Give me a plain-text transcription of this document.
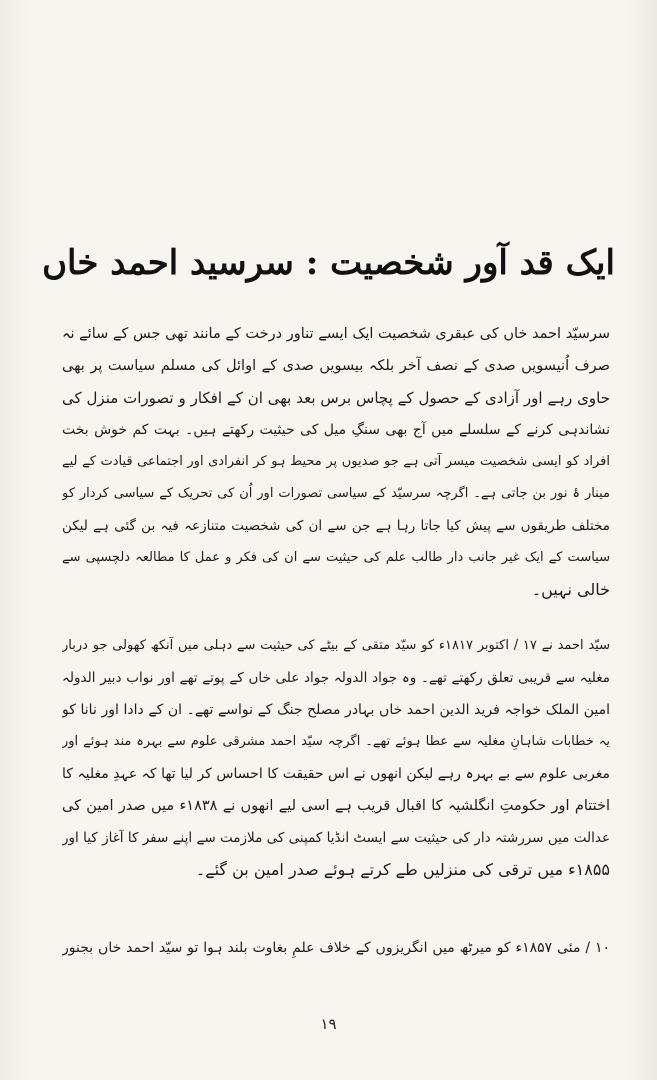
ایک قد آور شخصیت : سرسید احمد خاں

سرسیّد احمد خاں کی عبقری شخصیت ایک ایسے تناور درخت کے مانند تھی جس کے سائے نہ
صرف اُنیسویں صدی کے نصف آخر بلکہ بیسویں صدی کے اوائل کی مسلم سیاست پر بھی
حاوی رہے اور آزادی کے حصول کے پچاس برس بعد بھی ان کے افکار و تصورات منزل کی
نشاندہی کرنے کے سلسلے میں آج بھی سنگِ میل کی حیثیت رکھتے ہیں۔ بہت کم خوش بخت
افراد کو ایسی شخصیت میسر آتی ہے جو صدیوں پر محیط ہو کر انفرادی اور اجتماعی قیادت کے لیے
مینار ۂ نور بن جاتی ہے۔ اگرچہ سرسیّد کے سیاسی تصورات اور اُن کی تحریک کے سیاسی کردار کو
مختلف طریقوں سے پیش کیا جاتا رہا ہے جن سے ان کی شخصیت متنازعہ فیہ بن گئی ہے لیکن
سیاست کے ایک غیر جانب دار طالب علم کی حیثیت سے ان کی فکر و عمل کا مطالعہ دلچسپی سے
خالی نہیں۔

سیّد احمد نے ۱۷ / اکتوبر ۱۸۱۷ء کو سیّد متقی کے بیٹے کی حیثیت سے دہلی میں آنکھ کھولی جو دربار
مغلیہ سے قریبی تعلق رکھتے تھے۔ وہ جواد الدولہ جواد علی خاں کے پوتے تھے اور نواب دبیر الدولہ
امین الملک خواجہ فرید الدین احمد خاں بہادر مصلح جنگ کے نواسے تھے۔ ان کے دادا اور نانا کو
یہ خطابات شاہانِ مغلیہ سے عطا ہوئے تھے۔ اگرچہ سیّد احمد مشرقی علوم سے بہرہ مند ہوئے اور
مغربی علوم سے بے بہرہ رہے لیکن انھوں نے اس حقیقت کا احساس کر لیا تھا کہ عہدِ مغلیہ کا
اختتام اور حکومتِ انگلشیہ کا اقبال قریب ہے اسی لیے انھوں نے ۱۸۳۸ء میں صدر امین کی
عدالت میں سررشتہ دار کی حیثیت سے ایسٹ انڈیا کمپنی کی ملازمت سے اپنے سفر کا آغاز کیا اور
۱۸۵۵ء میں ترقی کی منزلیں طے کرتے ہوئے صدر امین بن گئے۔

۱۰ / مئی ۱۸۵۷ء کو میرٹھ میں انگریزوں کے خلاف علمِ بغاوت بلند ہوا تو سیّد احمد خاں بجنور

۱۹
